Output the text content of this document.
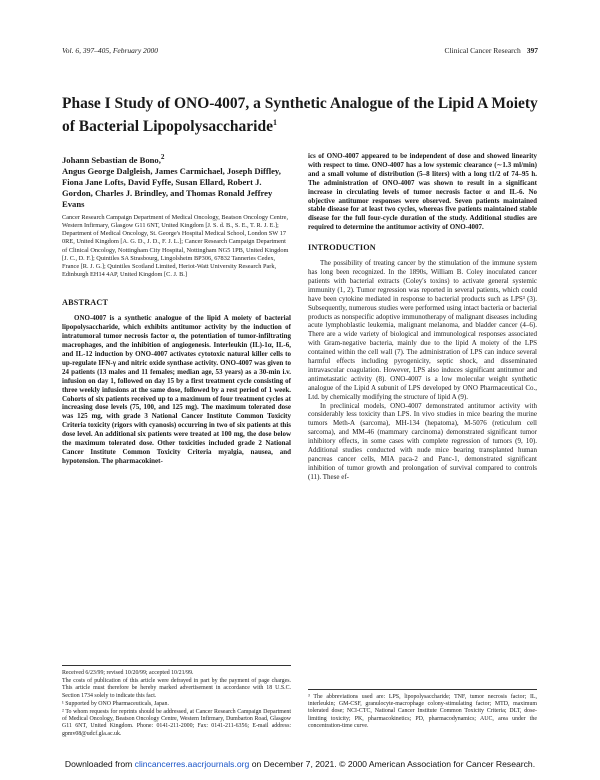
Vol. 6, 397–405, February 2000	Clinical Cancer Research 397
Phase I Study of ONO-4007, a Synthetic Analogue of the Lipid A Moiety of Bacterial Lipopolysaccharide$^1$

Johann Sebastian de Bono,$^2$
Angus George Dalgleish, James Carmichael, Joseph Diffley, Fiona Jane Lofts, David Fyffe, Susan Ellard, Robert J. Gordon, Charles J. Brindley, and Thomas Ronald Jeffrey Evans

Cancer Research Campaign Department of Medical Oncology, Beatson Oncology Centre, Western Infirmary, Glasgow G11 6NT, United Kingdom [J. S. d. B., S. E., T. R. J. E.]; Department of Medical Oncology, St. George's Hospital Medical School, London SW 17 0RE, United Kingdom [A. G. D., J. D., F. J. L.]; Cancer Research Campaign Department of Clinical Oncology, Nottingham City Hospital, Nottingham NG5 1PB, United Kingdom [J. C., D. F.]; Quintiles SA Strasbourg, Lingolsheim BP306, 67832 Tanneries Cedex, France [R. J. G.]; Quintiles Scotland Limited, Heriot-Watt University Research Park, Edinburgh EH14 4AP, United Kingdom [C. J. B.]

ABSTRACT

ONO-4007 is a synthetic analogue of the lipid A moiety of bacterial lipopolysaccharide, which exhibits antitumor activity by the induction of intratumoral tumor necrosis factor α, the potentiation of tumor-infiltrating macrophages, and the inhibition of angiogenesis. Interleukin (IL)-1α, IL-6, and IL-12 induction by ONO-4007 activates cytotoxic natural killer cells to up-regulate IFN-γ and nitric oxide synthase activity. ONO-4007 was given to 24 patients (13 males and 11 females; median age, 53 years) as a 30-min i.v. infusion on day 1, followed on day 15 by a first treatment cycle consisting of three weekly infusions at the same dose, followed by a rest period of 1 week. Cohorts of six patients received up to a maximum of four treatment cycles at increasing dose levels (75, 100, and 125 mg). The maximum tolerated dose was 125 mg, with grade 3 National Cancer Institute Common Toxicity Criteria toxicity (rigors with cyanosis) occurring in two of six patients at this dose level. An additional six patients were treated at 100 mg, the dose below the maximum tolerated dose. Other toxicities included grade 2 National Cancer Institute Common Toxicity Criteria myalgia, nausea, and hypotension. The pharmacokinet-

ics of ONO-4007 appeared to be independent of dose and showed linearity with respect to time. ONO-4007 has a low systemic clearance (∼1.3 ml/min) and a small volume of distribution (5–8 liters) with a long t1/2 of 74–95 h. The administration of ONO-4007 was shown to result in a significant increase in circulating levels of tumor necrosis factor α and IL-6. No objective antitumor responses were observed. Seven patients maintained stable disease for at least two cycles, whereas five patients maintained stable disease for the full four-cycle duration of the study. Additional studies are required to determine the antitumor activity of ONO-4007.

INTRODUCTION

The possibility of treating cancer by the stimulation of the immune system has long been recognized. In the 1890s, William B. Coley inoculated cancer patients with bacterial extracts (Coley's toxins) to activate general systemic immunity (1, 2). Tumor regression was reported in several patients, which could have been cytokine mediated in response to bacterial products such as LPS³ (3). Subsequently, numerous studies were performed using intact bacteria or bacterial products as nonspecific adoptive immunotherapy of malignant diseases including acute lymphoblastic leukemia, malignant melanoma, and bladder cancer (4–6). There are a wide variety of biological and immunological responses associated with Gram-negative bacteria, mainly due to the lipid A moiety of the LPS contained within the cell wall (7). The administration of LPS can induce several harmful effects including pyrogenicity, septic shock, and disseminated intravascular coagulation. However, LPS also induces significant antitumor and antimetastatic activity (8). ONO-4007 is a low molecular weight synthetic analogue of the Lipid A subunit of LPS developed by ONO Pharmaceutical Co., Ltd. by chemically modifying the structure of lipid A (9).

In preclinical models, ONO-4007 demonstrated antitumor activity with considerably less toxicity than LPS. In vivo studies in mice bearing the murine tumors Meth-A (sarcoma), MH-134 (hepatoma), M-5076 (reticulum cell sarcoma), and MM-46 (mammary carcinoma) demonstrated significant tumor inhibitory effects, in some cases with complete regression of tumors (9, 10). Additional studies conducted with nude mice bearing transplanted human pancreas cancer cells, MIA paca-2 and Panc-1, demonstrated significant inhibition of tumor growth and prolongation of survival compared to controls (11). These ef-

Received 6/23/99; revised 10/20/99; accepted 10/21/99.

The costs of publication of this article were defrayed in part by the payment of page charges. This article must therefore be hereby marked advertisement in accordance with 18 U.S.C. Section 1734 solely to indicate this fact.

¹ Supported by ONO Pharmaceuticals, Japan.

² To whom requests for reprints should be addressed, at Cancer Research Campaign Department of Medical Oncology, Beatson Oncology Centre, Western Infirmary, Dumbarton Road, Glasgow G11 6NT, United Kingdom. Phone: 0141-211-2000; Fax: 0141-211-6356; E-mail address: gpmv08@udcf.gla.ac.uk.

³ The abbreviations used are: LPS, lipopolysaccharide; TNF, tumor necrosis factor; IL, interleukin; GM-CSF, granulocyte-macrophage colony-stimulating factor; MTD, maximum tolerated dose; NCI-CTC, National Cancer Institute Common Toxicity Criteria; DLT, dose-limiting toxicity; PK, pharmacokinetics; PD, pharmacodynamics; AUC, area under the concentration-time curve.

Downloaded from clincancerres.aacrjournals.org on December 7, 2021. © 2000 American Association for Cancer Research.
